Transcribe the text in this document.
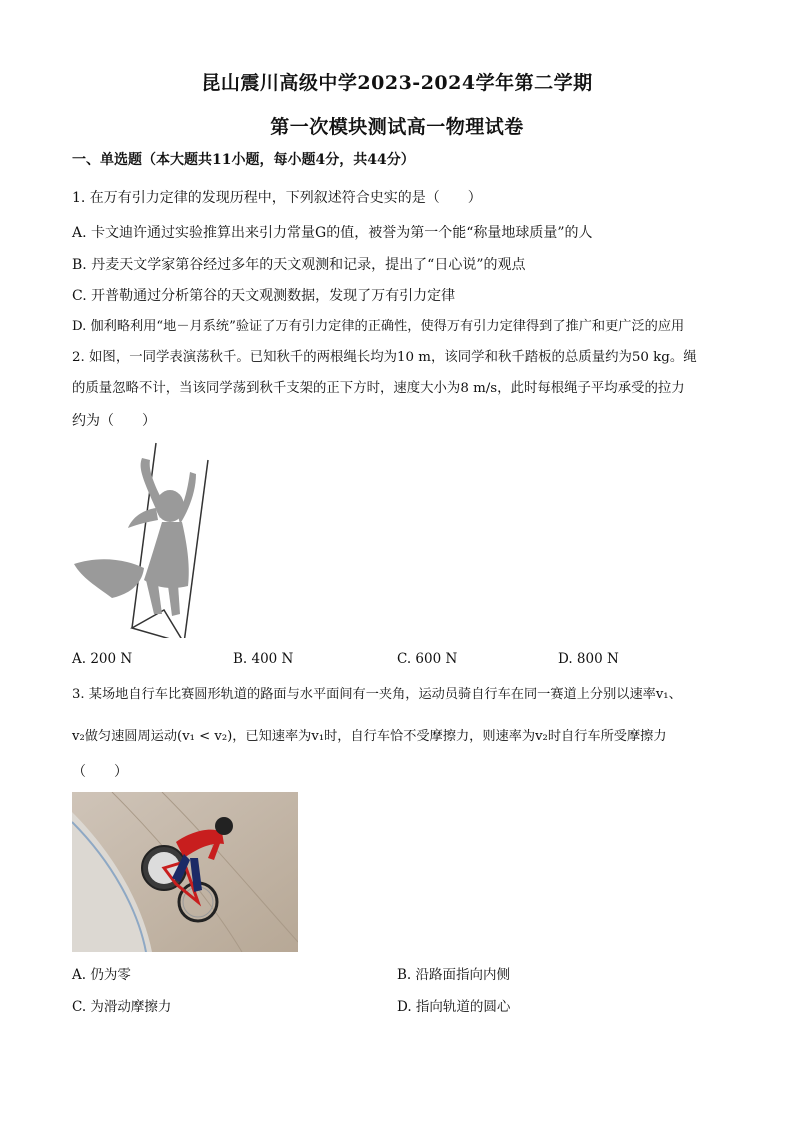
昆山震川高级中学2023-2024学年第二学期
第一次模块测试高一物理试卷
一、单选题（本大题共11小题，每小题4分，共44分）
1. 在万有引力定律的发现历程中，下列叙述符合史实的是（　　）
A. 卡文迪许通过实验推算出来引力常量G的值，被誉为第一个能“称量地球质量”的人
B. 丹麦天文学家第谷经过多年的天文观测和记录，提出了“日心说”的观点
C. 开普勒通过分析第谷的天文观测数据，发现了万有引力定律
D. 伽利略利用“地－月系统”验证了万有引力定律的正确性，使得万有引力定律得到了推广和更广泛的应用
2. 如图，一同学表演荡秋千。已知秋千的两根绳长均为10 m，该同学和秋千踏板的总质量约为50 kg。绳
的质量忽略不计，当该同学荡到秋千支架的正下方时，速度大小为8 m/s，此时每根绳子平均承受的拉力
约为（　　）
A. 200 N	B. 400 N	C. 600 N	D. 800 N
3. 某场地自行车比赛圆形轨道的路面与水平面间有一夹角，运动员骑自行车在同一赛道上分别以速率v₁、
v₂做匀速圆周运动(v₁ < v₂)，已知速率为v₁时，自行车恰不受摩擦力，则速率为v₂时自行车所受摩擦力
（　　）
A. 仍为零	B. 沿路面指向内侧
C. 为滑动摩擦力	D. 指向轨道的圆心
